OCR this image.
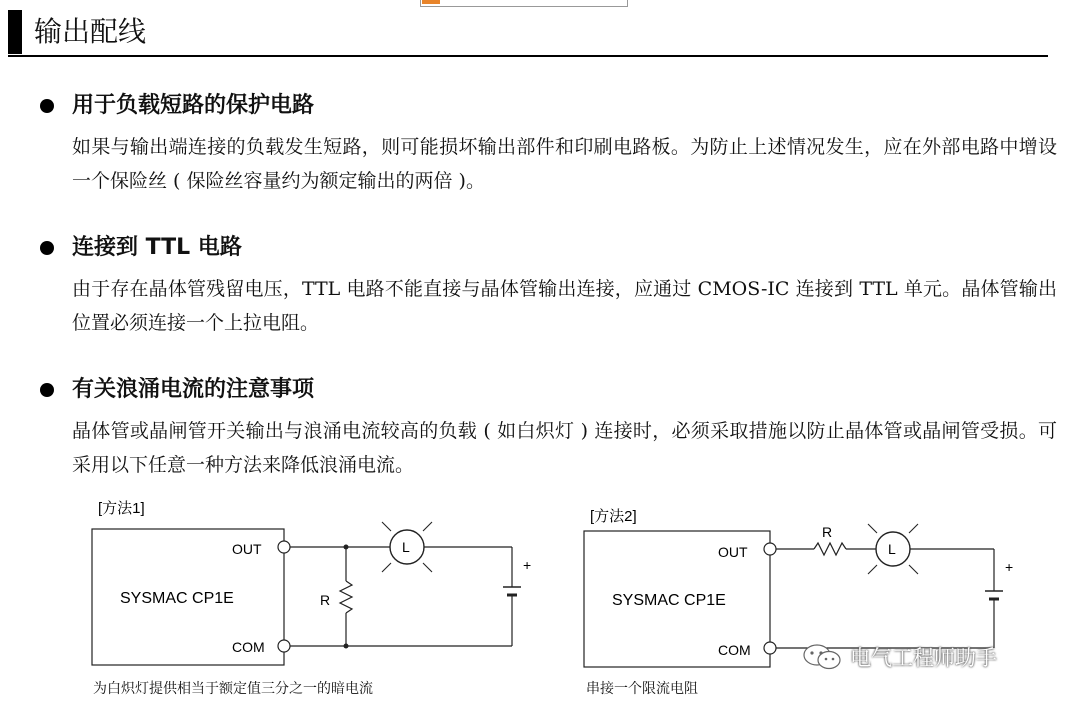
输出配线
用于负载短路的保护电路

如果与输出端连接的负载发生短路，则可能损坏输出部件和印刷电路板。为防止上述情况发生，应在外部电路中增设一个保险丝 ( 保险丝容量约为额定输出的两倍 )。

连接到 TTL 电路

由于存在晶体管残留电压，TTL 电路不能直接与晶体管输出连接，应通过 CMOS-IC 连接到 TTL 单元。晶体管输出位置必须连接一个上拉电阻。

有关浪涌电流的注意事项

晶体管或晶闸管开关输出与浪涌电流较高的负载 ( 如白炽灯 ) 连接时，必须采取措施以防止晶体管或晶闸管受损。可采用以下任意一种方法来降低浪涌电流。

[方法1]
SYSMAC CP1E
OUT
COM
R
L
+
为白炽灯提供相当于额定值三分之一的暗电流
[方法2]
SYSMAC CP1E
OUT
COM
R
L
+
串接一个限流电阻
电气工程师助手
